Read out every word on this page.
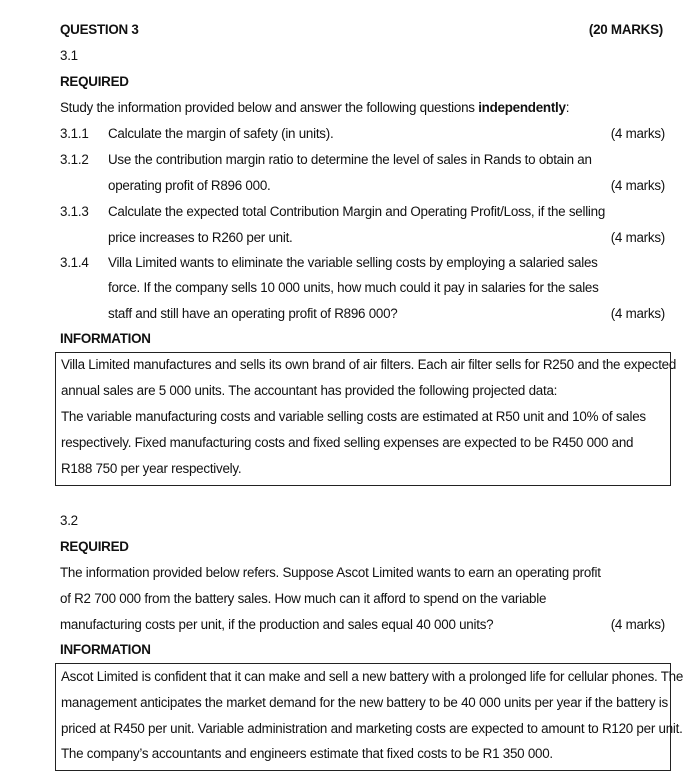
QUESTION 3	(20 MARKS)
3.1
REQUIRED
Study the information provided below and answer the following questions independently:
3.1.1 Calculate the margin of safety (in units).	(4 marks)
3.1.2 Use the contribution margin ratio to determine the level of sales in Rands to obtain an
operating profit of R896 000.	(4 marks)
3.1.3 Calculate the expected total Contribution Margin and Operating Profit/Loss, if the selling
price increases to R260 per unit.	(4 marks)
3.1.4 Villa Limited wants to eliminate the variable selling costs by employing a salaried sales
force. If the company sells 10 000 units, how much could it pay in salaries for the sales
staff and still have an operating profit of R896 000?	(4 marks)
INFORMATION
Villa Limited manufactures and sells its own brand of air filters. Each air filter sells for R250 and the expected
annual sales are 5 000 units. The accountant has provided the following projected data:
The variable manufacturing costs and variable selling costs are estimated at R50 unit and 10% of sales
respectively. Fixed manufacturing costs and fixed selling expenses are expected to be R450 000 and
R188 750 per year respectively.
3.2
REQUIRED
The information provided below refers. Suppose Ascot Limited wants to earn an operating profit
of R2 700 000 from the battery sales. How much can it afford to spend on the variable
manufacturing costs per unit, if the production and sales equal 40 000 units?	(4 marks)
INFORMATION
Ascot Limited is confident that it can make and sell a new battery with a prolonged life for cellular phones. The
management anticipates the market demand for the new battery to be 40 000 units per year if the battery is
priced at R450 per unit. Variable administration and marketing costs are expected to amount to R120 per unit.
The company’s accountants and engineers estimate that fixed costs to be R1 350 000.
